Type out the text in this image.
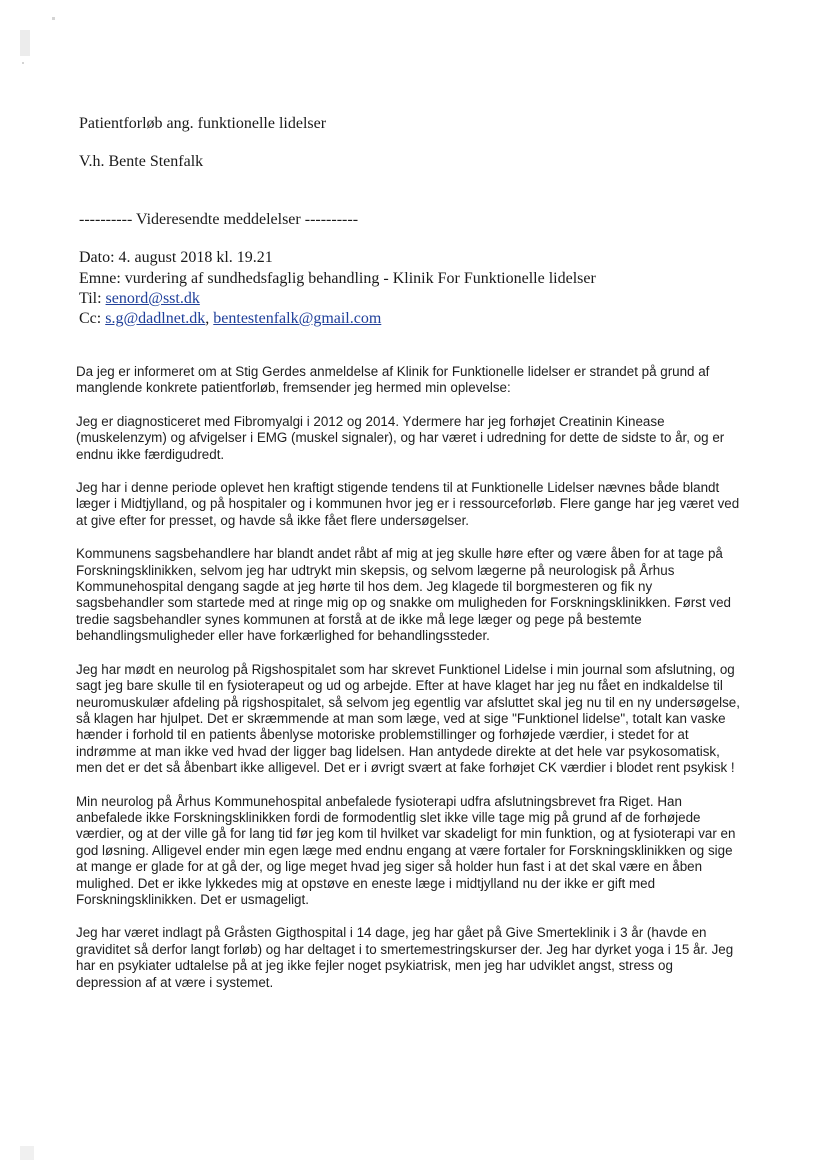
Patientforløb ang. funktionelle lidelser
V.h. Bente Stenfalk
---------- Videresendte meddelelser ----------
Dato: 4. august 2018 kl. 19.21
Emne: vurdering af sundhedsfaglig behandling - Klinik For Funktionelle lidelser
Til: senord@sst.dk
Cc: s.g@dadlnet.dk, bentestenfalk@gmail.com

Da jeg er informeret om at Stig Gerdes anmeldelse af Klinik for Funktionelle lidelser er strandet på grund af manglende konkrete patientforløb, fremsender jeg hermed min oplevelse:

Jeg er diagnosticeret med Fibromyalgi i 2012 og 2014. Ydermere har jeg forhøjet Creatinin Kinease (muskelenzym) og afvigelser i EMG (muskel signaler), og har været i udredning for dette de sidste to år, og er endnu ikke færdigudredt.

Jeg har i denne periode oplevet hen kraftigt stigende tendens til at Funktionelle Lidelser nævnes både blandt læger i Midtjylland, og på hospitaler og i kommunen hvor jeg er i ressourceforløb. Flere gange har jeg været ved at give efter for presset, og havde så ikke fået flere undersøgelser.

Kommunens sagsbehandlere har blandt andet råbt af mig at jeg skulle høre efter og være åben for at tage på Forskningsklinikken, selvom jeg har udtrykt min skepsis, og selvom lægerne på neurologisk på Århus Kommunehospital dengang sagde at jeg hørte til hos dem. Jeg klagede til borgmesteren og fik ny sagsbehandler som startede med at ringe mig op og snakke om muligheden for Forskningsklinikken. Først ved tredie sagsbehandler synes kommunen at forstå at de ikke må lege læger og pege på bestemte behandlingsmuligheder eller have forkærlighed for behandlingssteder.

Jeg har mødt en neurolog på Rigshospitalet som har skrevet Funktionel Lidelse i min journal som afslutning, og sagt jeg bare skulle til en fysioterapeut og ud og arbejde. Efter at have klaget har jeg nu fået en indkaldelse til neuromuskulær afdeling på rigshospitalet, så selvom jeg egentlig var afsluttet skal jeg nu til en ny undersøgelse, så klagen har hjulpet. Det er skræmmende at man som læge, ved at sige "Funktionel lidelse", totalt kan vaske hænder i forhold til en patients åbenlyse motoriske problemstillinger og forhøjede værdier, i stedet for at indrømme at man ikke ved hvad der ligger bag lidelsen. Han antydede direkte at det hele var psykosomatisk, men det er det så åbenbart ikke alligevel. Det er i øvrigt svært at fake forhøjet CK værdier i blodet rent psykisk !

Min neurolog på Århus Kommunehospital anbefalede fysioterapi udfra afslutningsbrevet fra Riget. Han anbefalede ikke Forskningsklinikken fordi de formodentlig slet ikke ville tage mig på grund af de forhøjede værdier, og at der ville gå for lang tid før jeg kom til hvilket var skadeligt for min funktion, og at fysioterapi var en god løsning. Alligevel ender min egen læge med endnu engang at være fortaler for Forskningsklinikken og sige at mange er glade for at gå der, og lige meget hvad jeg siger så holder hun fast i at det skal være en åben mulighed. Det er ikke lykkedes mig at opstøve en eneste læge i midtjylland nu der ikke er gift med Forskningsklinikken. Det er usmageligt.

Jeg har været indlagt på Gråsten Gigthospital i 14 dage, jeg har gået på Give Smerteklinik i 3 år (havde en graviditet så derfor langt forløb) og har deltaget i to smertemestringskurser der. Jeg har dyrket yoga i 15 år. Jeg har en psykiater udtalelse på at jeg ikke fejler noget psykiatrisk, men jeg har udviklet angst, stress og depression af at være i systemet.
